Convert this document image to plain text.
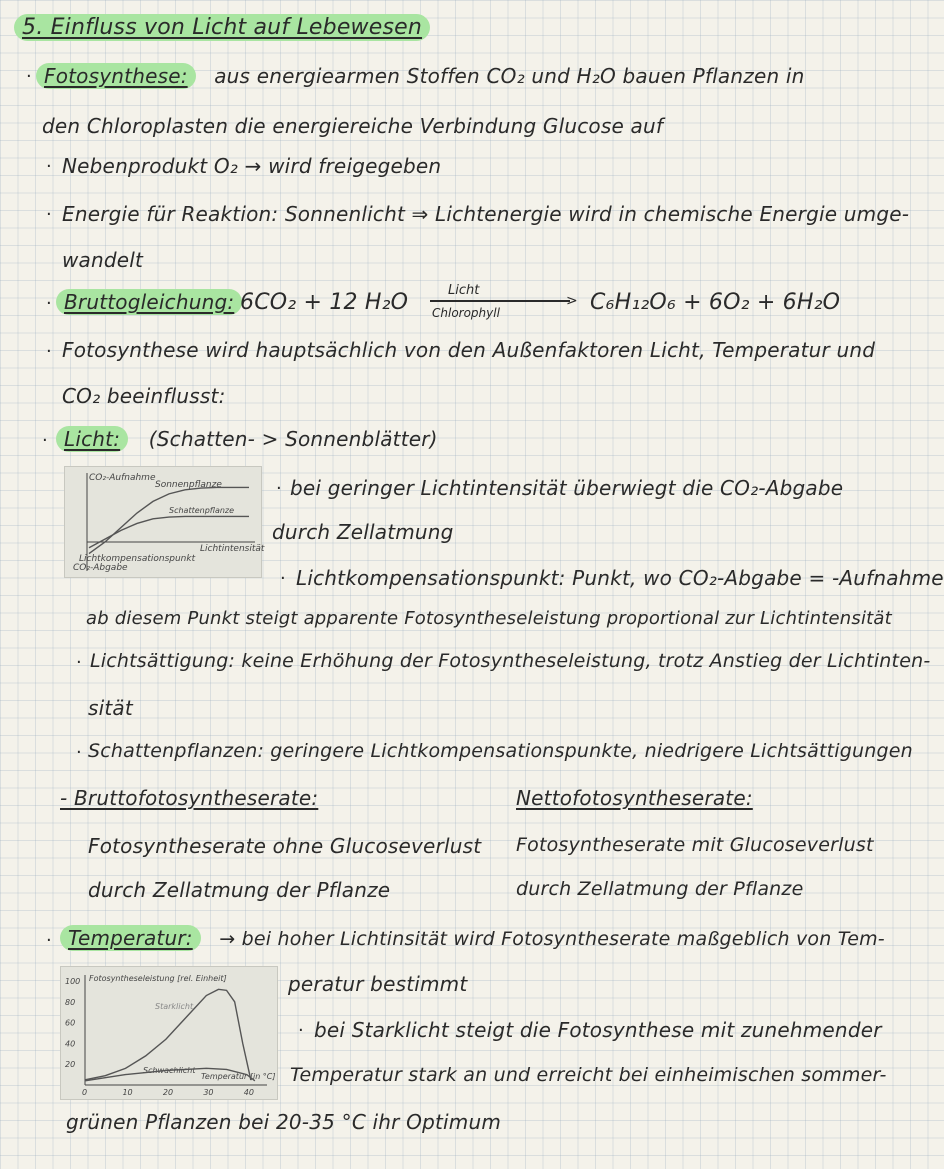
5. Einfluss von Licht auf Lebewesen
· Fotosynthese: aus energiearmen Stoffen CO₂ und H₂O bauen Pflanzen in
den Chloroplasten die energiereiche Verbindung Glucose auf
· Nebenprodukt O₂ → wird freigegeben
· Energie für Reaktion: Sonnenlicht ⇒ Lichtenergie wird in chemische Energie umge-
wandelt
· Bruttogleichung: 6CO₂ + 12 H₂O	Licht
>
Chlorophyll	C₆H₁₂O₆ + 6O₂ + 6H₂O
· Fotosynthese wird hauptsächlich von den Außenfaktoren Licht, Temperatur und
CO₂ beeinflusst:
· Licht: (Schatten- > Sonnenblätter)
CO₂-Aufnahme
CO₂-Abgabe
Lichtintensität
Lichtkompensationspunkt
Sonnenpflanze
Schattenpflanze
· bei geringer Lichtintensität überwiegt die CO₂-Abgabe
durch Zellatmung
· Lichtkompensationspunkt: Punkt, wo CO₂-Abgabe = -Aufnahme
ab diesem Punkt steigt apparente Fotosyntheseleistung proportional zur Lichtintensität
· Lichtsättigung: keine Erhöhung der Fotosyntheseleistung, trotz Anstieg der Lichtinten-
sität
· Schattenpflanzen: geringere Lichtkompensationspunkte, niedrigere Lichtsättigungen
- Bruttofotosyntheserate:
Fotosyntheserate ohne Glucoseverlust
durch Zellatmung der Pflanze
Nettofotosyntheserate:
Fotosyntheserate mit Glucoseverlust
durch Zellatmung der Pflanze
· Temperatur: → bei hoher Lichtinsität wird Fotosyntheserate maßgeblich von Tem-
Fotosyntheseleistung [rel. Einheit]
Temperatur [in °C]
Starklicht
Schwachlicht
0	10	20	30	40
100
80
60
40
20
peratur bestimmt
· bei Starklicht steigt die Fotosynthese mit zunehmender
Temperatur stark an und erreicht bei einheimischen sommer-
grünen Pflanzen bei 20-35 °C ihr Optimum
